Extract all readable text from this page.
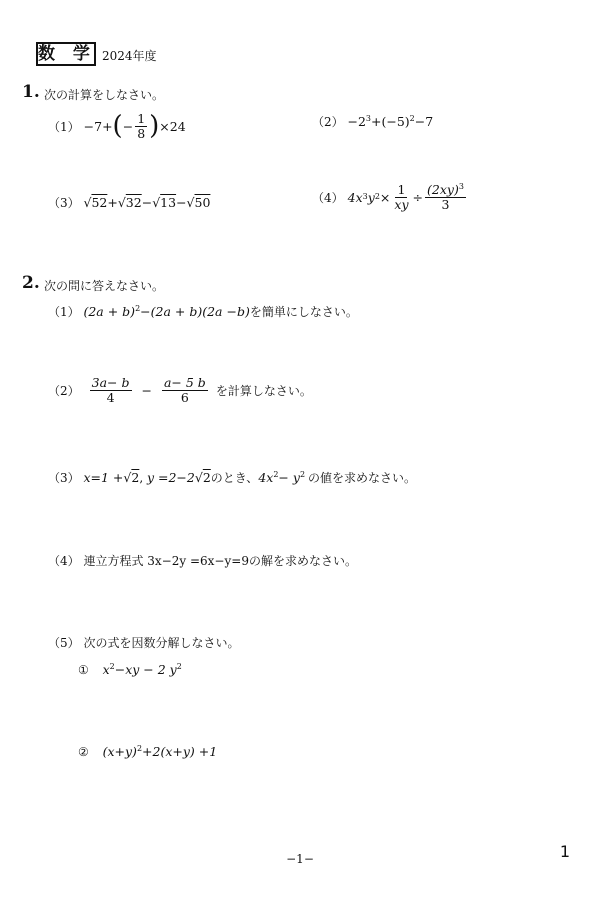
数 学 2024年度
1. 次の計算をしなさい。
（1） −7+ ( − $\frac{1}{8}$ ) ×24	$(2) -2^3+(-5)^2-7$
（3） √52+√32−√13−√50	（4） 4x 3 y $2 \times \frac{1}{xy} \div \frac{(2xy)^3}{3}$
2. 次の問に答えなさい。
（1） $(2a + b)^2-(2a + b)(2a -b)$を簡単にしなさい。
$(2) \frac{3a- b}{4} - \frac{a- 5 b}{6}$ を計算しなさい。
（3） x=1 +√2, y =2−2√2のとき、$4x^2- y^2$ の値を求めなさい。
（4） 連立方程式 3x−2y =6x−y=9の解を求めなさい。
（5） 次の式を因数分解しなさい。
① $x^2-xy - 2$ $y^2$
② $(x+y)^2+2(x+y) +1$
−1−	1
